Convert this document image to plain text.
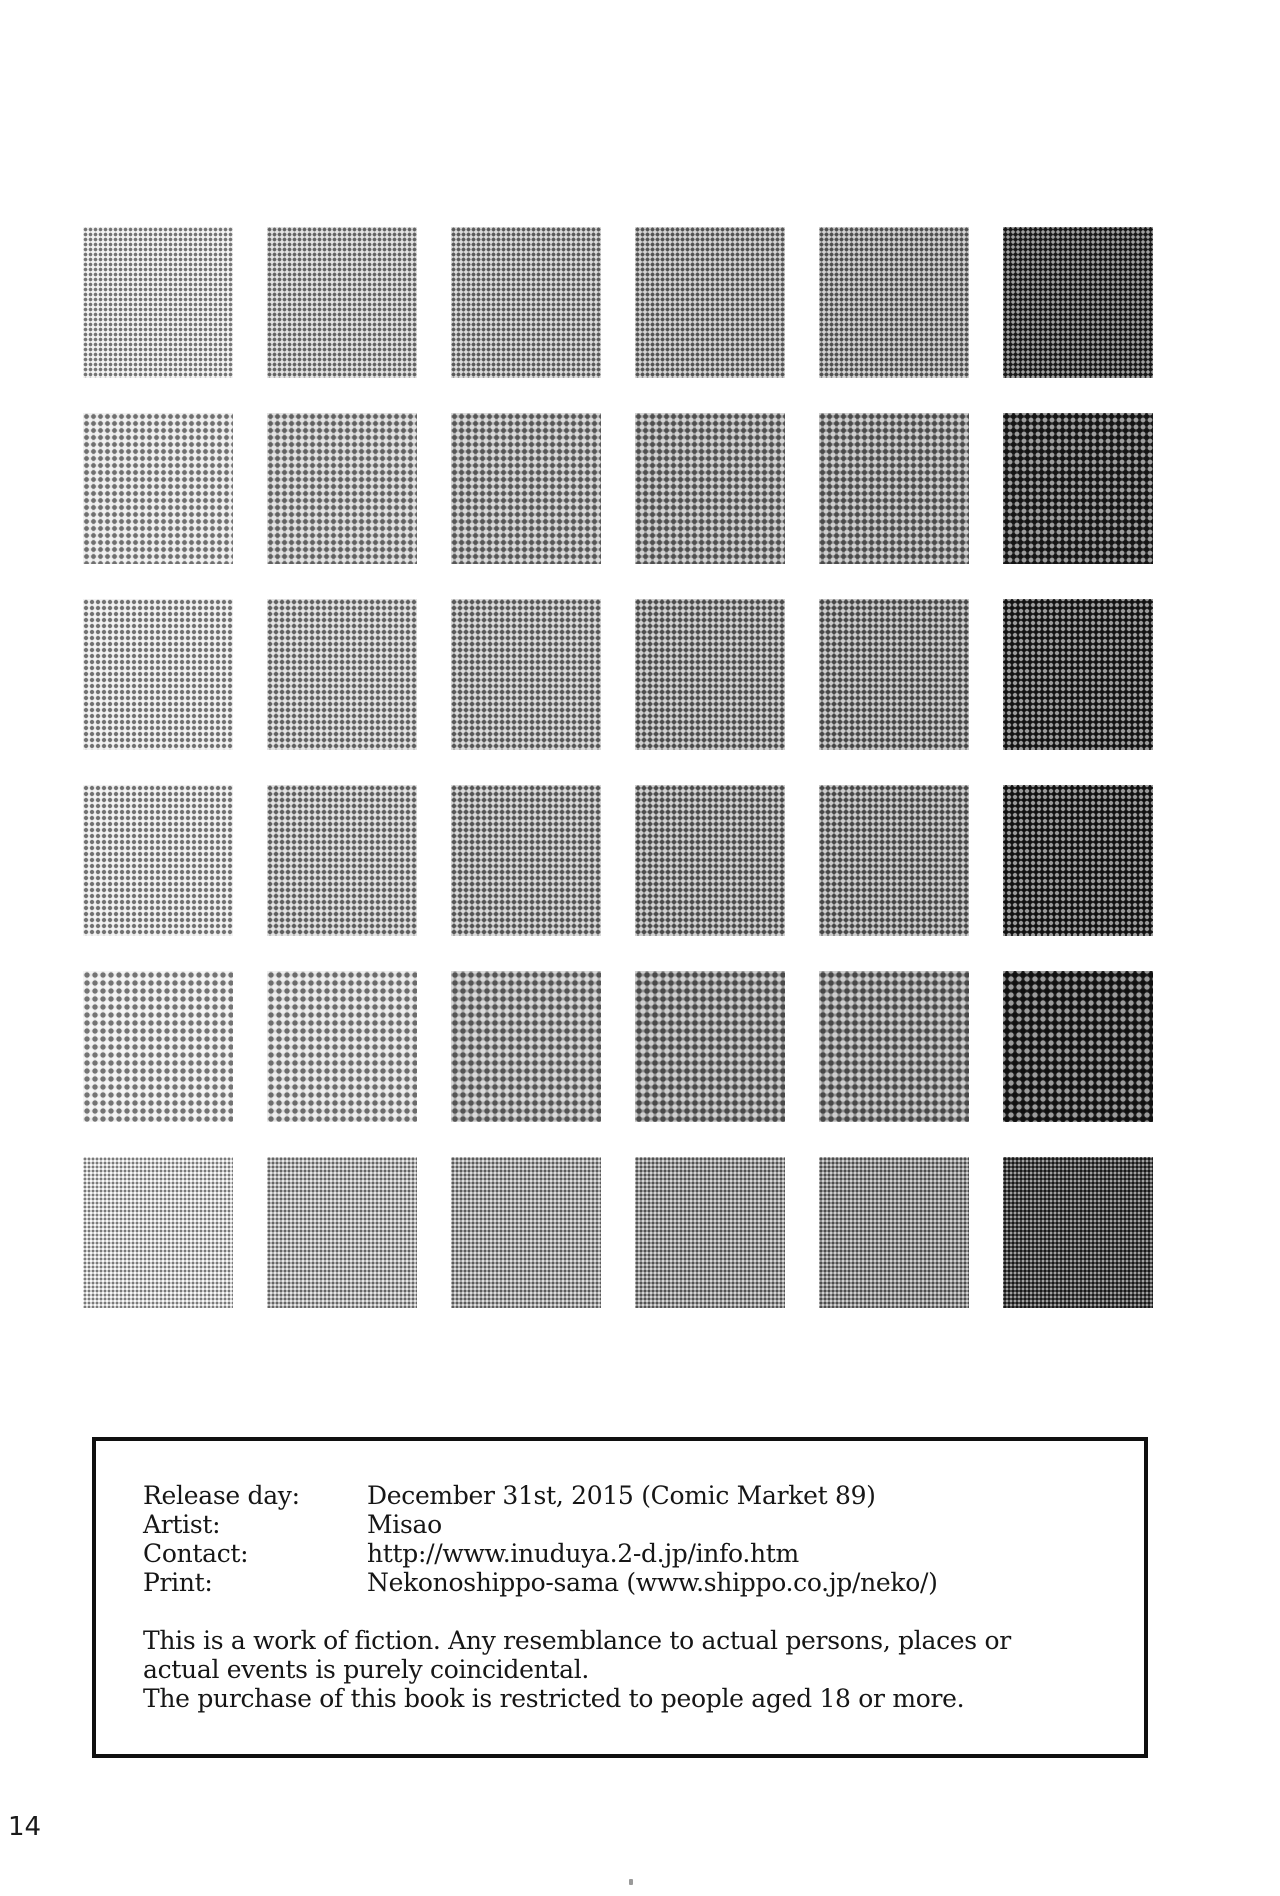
Release day:	December 31st, 2015 (Comic Market 89)
Artist:	Misao
Contact:	http://www.inuduya.2-d.jp/info.htm
Print:	Nekonoshippo-sama (www.shippo.co.jp/neko/)
This is a work of fiction. Any resemblance to actual persons, places or
actual events is purely coincidental.
The purchase of this book is restricted to people aged 18 or more.
14
